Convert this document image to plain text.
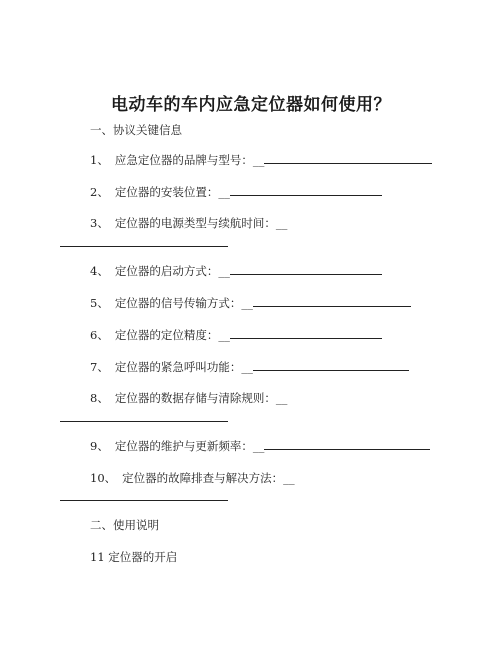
电动车的车内应急定位器如何使用？
一、协议关键信息
1、 应急定位器的品牌与型号：__
2、 定位器的安装位置：__
3、 定位器的电源类型与续航时间：__
4、 定位器的启动方式：__
5、 定位器的信号传输方式：__
6、 定位器的定位精度：__
7、 定位器的紧急呼叫功能：__
8、 定位器的数据存储与清除规则：__
9、 定位器的维护与更新频率：__
10、 定位器的故障排查与解决方法：__
二、使用说明
11 定位器的开启
